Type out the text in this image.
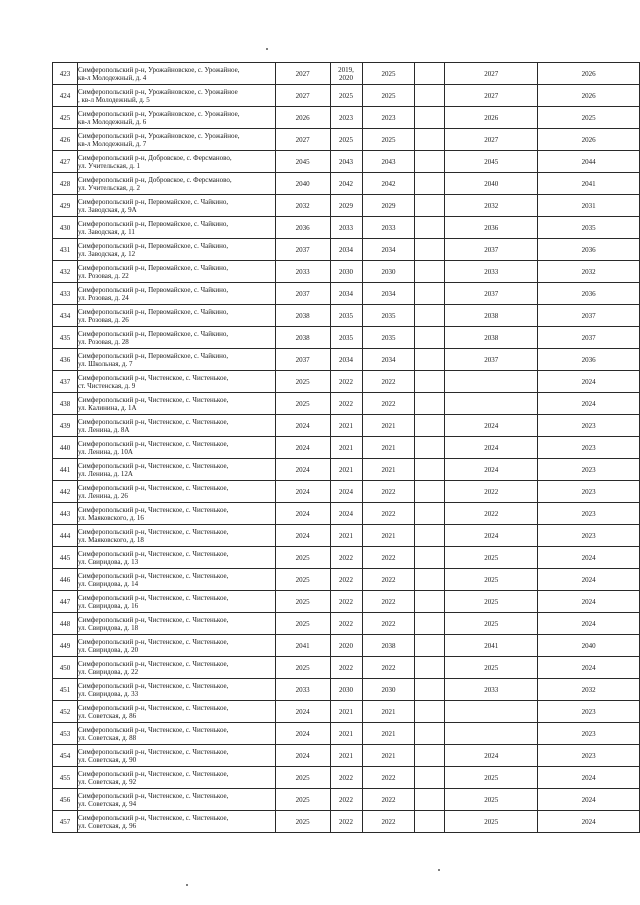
423	Симферопольский р-н, Урожайновское, с. Урожайное,
кв-л Молодежный, д. 4	2027	2019, 2020	2025		2027	2026
424	Симферопольский р-н, Урожайновское, с. Урожайное
, кв-л Молодежный, д. 5	2027	2025	2025		2027	2026
425	Симферопольский р-н, Урожайновское, с. Урожайное,
кв-л Молодежный, д. 6	2026	2023	2023		2026	2025
426	Симферопольский р-н, Урожайновское, с. Урожайное,
кв-л Молодежный, д. 7	2027	2025	2025		2027	2026
427	Симферопольский р-н, Добровское, с. Ферсманово,
ул. Учительская, д. 1	2045	2043	2043		2045	2044
428	Симферопольский р-н, Добровское, с. Ферсманово,
ул. Учительская, д. 2	2040	2042	2042		2040	2041
429	Симферопольский р-н, Первомайское, с. Чайкино,
ул. Заводская, д. 9А	2032	2029	2029		2032	2031
430	Симферопольский р-н, Первомайское, с. Чайкино,
ул. Заводская, д. 11	2036	2033	2033		2036	2035
431	Симферопольский р-н, Первомайское, с. Чайкино,
ул. Заводская, д. 12	2037	2034	2034		2037	2036
432	Симферопольский р-н, Первомайское, с. Чайкино,
ул. Розовая, д. 22	2033	2030	2030		2033	2032
433	Симферопольский р-н, Первомайское, с. Чайкино,
ул. Розовая, д. 24	2037	2034	2034		2037	2036
434	Симферопольский р-н, Первомайское, с. Чайкино,
ул. Розовая, д. 26	2038	2035	2035		2038	2037
435	Симферопольский р-н, Первомайское, с. Чайкино,
ул. Розовая, д. 28	2038	2035	2035		2038	2037
436	Симферопольский р-н, Первомайское, с. Чайкино,
ул. Школьная, д. 7	2037	2034	2034		2037	2036
437	Симферопольский р-н, Чистенское, с. Чистенькое,
ст. Чистенская, д. 9	2025	2022	2022			2024
438	Симферопольский р-н, Чистенское, с. Чистенькое,
ул. Калинина, д. 1А	2025	2022	2022			2024
439	Симферопольский р-н, Чистенское, с. Чистенькое,
ул. Ленина, д. 8А	2024	2021	2021		2024	2023
440	Симферопольский р-н, Чистенское, с. Чистенькое,
ул. Ленина, д. 10А	2024	2021	2021		2024	2023
441	Симферопольский р-н, Чистенское, с. Чистенькое,
ул. Ленина, д. 12А	2024	2021	2021		2024	2023
442	Симферопольский р-н, Чистенское, с. Чистенькое,
ул. Ленина, д. 26	2024	2024	2022		2022	2023
443	Симферопольский р-н, Чистенское, с. Чистенькое,
ул. Маяковского, д. 16	2024	2024	2022		2022	2023
444	Симферопольский р-н, Чистенское, с. Чистенькое,
ул. Маяковского, д. 18	2024	2021	2021		2024	2023
445	Симферопольский р-н, Чистенское, с. Чистенькое,
ул. Свиридова, д. 13	2025	2022	2022		2025	2024
446	Симферопольский р-н, Чистенское, с. Чистенькое,
ул. Свиридова, д. 14	2025	2022	2022		2025	2024
447	Симферопольский р-н, Чистенское, с. Чистенькое,
ул. Свиридова, д. 16	2025	2022	2022		2025	2024
448	Симферопольский р-н, Чистенское, с. Чистенькое,
ул. Свиридова, д. 18	2025	2022	2022		2025	2024
449	Симферопольский р-н, Чистенское, с. Чистенькое,
ул. Свиридова, д. 20	2041	2020	2038		2041	2040
450	Симферопольский р-н, Чистенское, с. Чистенькое,
ул. Свиридова, д. 22	2025	2022	2022		2025	2024
451	Симферопольский р-н, Чистенское, с. Чистенькое,
ул. Свиридова, д. 33	2033	2030	2030		2033	2032
452	Симферопольский р-н, Чистенское, с. Чистенькое,
ул. Советская, д. 86	2024	2021	2021			2023
453	Симферопольский р-н, Чистенское, с. Чистенькое,
ул. Советская, д. 88	2024	2021	2021			2023
454	Симферопольский р-н, Чистенское, с. Чистенькое,
ул. Советская, д. 90	2024	2021	2021		2024	2023
455	Симферопольский р-н, Чистенское, с. Чистенькое,
ул. Советская, д. 92	2025	2022	2022		2025	2024
456	Симферопольский р-н, Чистенское, с. Чистенькое,
ул. Советская, д. 94	2025	2022	2022		2025	2024
457	Симферопольский р-н, Чистенское, с. Чистенькое,
ул. Советская, д. 96	2025	2022	2022		2025	2024
